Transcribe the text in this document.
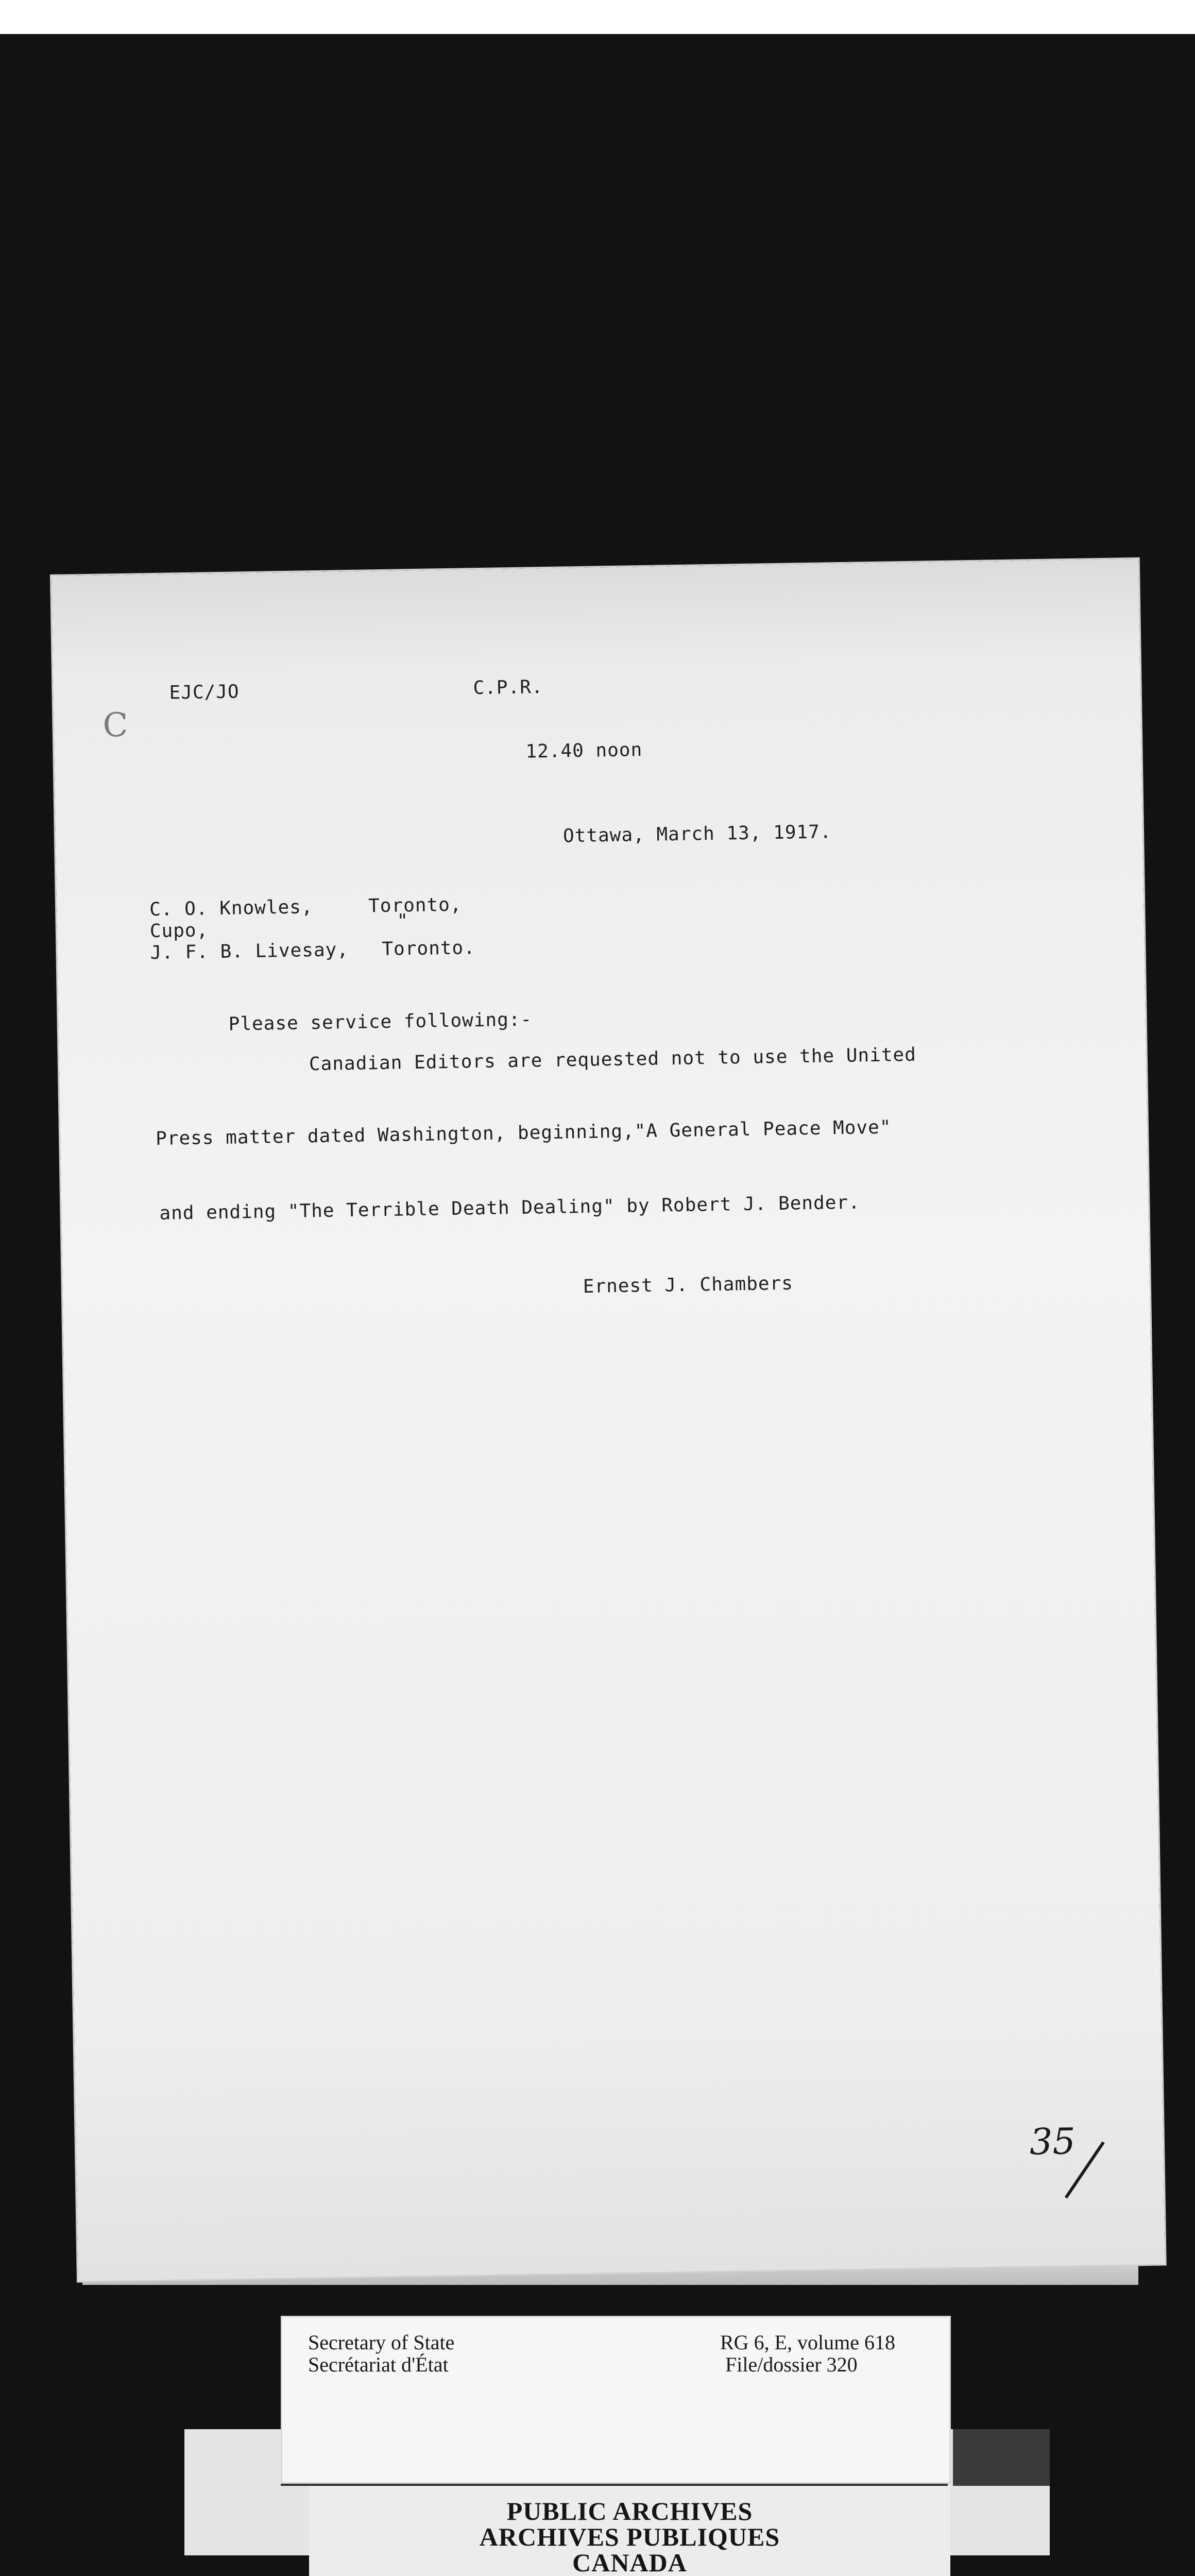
C
EJC/JO	C.P.R.
12.40 noon
Ottawa, March 13, 1917.
C. O. Knowles,	Toronto,
Cupo,	"
J. F. B. Livesay, Toronto.
Please service following:-
Canadian Editors are requested not to use the United
Press matter dated Washington, beginning,"A General Peace Move"
and ending "The Terrible Death Dealing" by Robert J. Bender.
Ernest J. Chambers
35
Secretary of State
Secrétariat d'État
RG 6, E, volume 618
File/dossier 320
PUBLIC ARCHIVES
ARCHIVES PUBLIQUES
CANADA
